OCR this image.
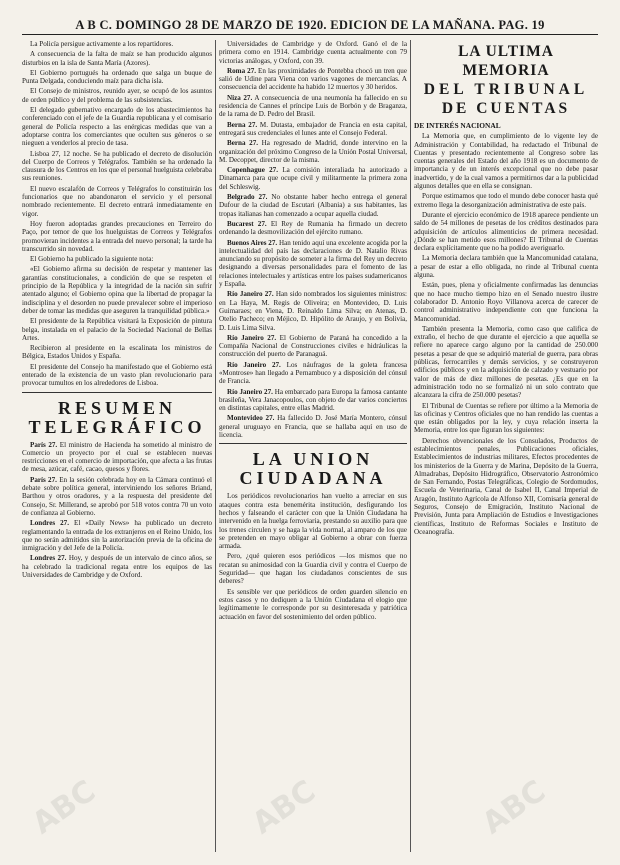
A B C. DOMINGO 28 DE MARZO DE 1920. EDICION DE LA MAÑANA. PAG. 19

La Policía persigue activamente a los repartidores.

A consecuencia de la falta de maíz se han producido algunos disturbios en la isla de Santa María (Azores).

El Gobierno portugués ha ordenado que salga un buque de Punta Delgada, conduciendo maíz para dicha isla.

El Consejo de ministros, reunido ayer, se ocupó de los asuntos de orden público y del problema de las subsistencias.

El delegado gubernativo encargado de los abastecimientos ha conferenciado con el jefe de la Guardia republicana y el comisario general de Policía respecto a las enérgicas medidas que van a adoptarse contra los comerciantes que oculten sus géneros o se nieguen a venderlos al precio de tasa.

Lisboa 27, 12 noche. Se ha publicado el decreto de disolución del Cuerpo de Correos y Telégrafos. También se ha ordenado la clausura de los Centros en los que el personal huelguista celebraba sus reuniones.

El nuevo escalafón de Correos y Telégrafos lo constituirán los funcionarios que no abandonaron el servicio y el personal nombrado recientemente. El decreto entrará inmediatamente en vigor.

Hoy fueron adoptadas grandes precauciones en Terreiro do Paço, por temor de que los huelguistas de Correos y Telégrafos promovieran incidentes a la entrada del nuevo personal; la tarde ha transcurrido sin novedad.

El Gobierno ha publicado la siguiente nota:

«El Gobierno afirma su decisión de respetar y mantener las garantías constitucionales, a condición de que se respeten el principio de la República y la integridad de la nación sin sufrir atentado alguno; el Gobierno opina que la libertad de propagar la indisciplina y el desorden no puede prevalecer sobre el imperioso deber de tomar las medidas que aseguren la tranquilidad pública.»

El presidente de la República visitará la Exposición de pintura belga, instalada en el palacio de la Sociedad Nacional de Bellas Artes.

Recibieron al presidente en la escalinata los ministros de Bélgica, Estados Unidos y España.

El presidente del Consejo ha manifestado que el Gobierno está enterado de la existencia de un vasto plan revolucionario para provocar tumultos en los alrededores de Lisboa.

RESUMEN
TELEGRÁFICO

París 27. El ministro de Hacienda ha sometido al ministro de Comercio un proyecto por el cual se establecen nuevas restricciones en el comercio de importación, que afecta a las frutas de mesa, azúcar, café, cacao, quesos y flores.

París 27. En la sesión celebrada hoy en la Cámara continuó el debate sobre política general, interviniendo los señores Briand, Barthou y otros oradores, y a la respuesta del presidente del Consejo, Sr. Millerand, se aprobó por 518 votos contra 70 un voto de confianza al Gobierno.

Londres 27. El «Daily News» ha publicado un decreto reglamentando la entrada de los extranjeros en el Reino Unido, los que no serán admitidos sin la autorización previa de la oficina de inmigración y del Jefe de la Policía.

Londres 27. Hoy, y después de un intervalo de cinco años, se ha celebrado la tradicional regata entre los equipos de las Universidades de Cambridge y de Oxford.

Universidades de Cambridge y de Oxford. Ganó el de la primera como en 1914. Cambridge cuenta actualmente con 79 victorias análogas, y Oxford, con 39.

Roma 27. En las proximidades de Pontebba chocó un tren que salió de Udine para Viena con varios vagones de mercancías. A consecuencia del accidente ha habido 12 muertos y 30 heridos.

Niza 27. A consecuencia de una neumonía ha fallecido en su residencia de Cannes el príncipe Luis de Borbón y de Braganza, de la rama de D. Pedro del Brasil.

Berna 27. M. Dutasta, embajador de Francia en esta capital, entregará sus credenciales el lunes ante el Consejo Federal.

Berna 27. Ha regresado de Madrid, donde intervino en la organización del próximo Congreso de la Unión Postal Universal, M. Decoppet, director de la misma.

Copenhague 27. La comisión interaliada ha autorizado a Dinamarca para que ocupe civil y militarmente la primera zona del Schleswig.

Belgrado 27. No obstante haber hecho entrega el general Dufour de la ciudad de Escutari (Albania) a sus habitantes, las tropas italianas han comenzado a ocupar aquella ciudad.

Bucarest 27. El Rey de Rumania ha firmado un decreto ordenando la desmovilización del ejército rumano.

Buenos Aires 27. Han tenido aquí una excelente acogida por la intelectualidad del país las declaraciones de D. Natalio Rivas anunciando su propósito de someter a la firma del Rey un decreto designando a diversas personalidades para el fomento de las relaciones intelectuales y artísticas entre los países sudamericanos y España.

Río Janeiro 27. Han sido nombrados los siguientes ministros: en La Haya, M. Regis de Oliveira; en Montevideo, D. Luis Guimaraes; en Viena, D. Reinaldo Lima Silva; en Atenas, D. Otelio Pacheco; en Méjico, D. Hipólito de Araujo, y en Bolivia, D. Luis Lima Silva.

Río Janeiro 27. El Gobierno de Paraná ha concedido a la Compañía Nacional de Construcciones civiles e hidráulicas la construcción del puerto de Paranaguá.

Río Janeiro 27. Los náufragos de la goleta francesa «Montrose» han llegado a Pernambuco y a disposición del cónsul de Francia.

Río Janeiro 27. Ha embarcado para Europa la famosa cantante brasileña, Vera Janacopoulos, con objeto de dar varios conciertos en distintas capitales, entre ellas Madrid.

Montevideo 27. Ha fallecido D. José María Montero, cónsul general uruguayo en Francia, que se hallaba aquí en uso de licencia.

LA UNION
CIUDADANA

Los periódicos revolucionarios han vuelto a arreciar en sus ataques contra esta benemérita institución, desfigurando los hechos y falseando el carácter con que la Unión Ciudadana ha intervenido en la huelga ferroviaria, prestando su auxilio para que los trenes circulen y se haga la vida normal, al amparo de los que se pretenden en mayo obligar al Gobierno a obrar con fuerza armada.

Pero, ¿qué quieren esos periódicos —los mismos que no recatan su animosidad con la Guardia civil y contra el Cuerpo de Seguridad— que hagan los ciudadanos conscientes de sus deberes?

Es sensible ver que periódicos de orden guarden silencio en estos casos y no dediquen a la Unión Ciudadana el elogio que legítimamente le corresponde por su desinteresada y patriótica actuación en favor del sostenimiento del orden público.

LA ULTIMA MEMORIA
DEL TRIBUNAL
DE CUENTAS
DE INTERÉS NACIONAL

La Memoria que, en cumplimiento de lo vigente ley de Administración y Contabilidad, ha redactado el Tribunal de Cuentas y presentado recientemente al Congreso sobre las cuentas generales del Estado del año 1918 es un documento de importancia y de un interés excepcional que no debe pasar inadvertido, y de la cual vamos a permitirnos dar a la publicidad algunos detalles que en ella se consignan.

Porque estimamos que todo el mundo debe conocer hasta qué extremo llega la desorganización administrativa de este país.

Durante el ejercicio económico de 1918 aparece pendiente un saldo de 54 millones de pesetas de los créditos destinados para adquisición de artículos alimenticios de primera necesidad. ¿Dónde se han metido esos millones? El Tribunal de Cuentas declara explícitamente que no ha podido averiguarlo.

La Memoria declara también que la Mancomunidad catalana, a pesar de estar a ello obligada, no rinde al Tribunal cuenta alguna.

Están, pues, plena y oficialmente confirmadas las denuncias que no hace mucho tiempo hizo en el Senado nuestro ilustre colaborador D. Antonio Royo Villanova acerca de carecer de control administrativo independiente con que funciona la Mancomunidad.

También presenta la Memoria, como caso que califica de extraño, el hecho de que durante el ejercicio a que aquella se refiere no aparece cargo alguno por la cantidad de 250.000 pesetas a pesar de que se adquirió material de guerra, para obras públicas, ferrocarriles y demás servicios, y se construyeron edificios públicos y en la adquisición de calzado y vestuario por valor de más de diez millones de pesetas. ¿Es que en la administración todo no se formalizó ni un solo contrato que alcanzara la cifra de 250.000 pesetas?

El Tribunal de Cuentas se refiere por último a la Memoria de las oficinas y Centros oficiales que no han rendido las cuentas a que están obligados por la ley, y cuya relación inserta la Memoria, entre los que figuran los siguientes:

Derechos obvencionales de los Consulados, Productos de establecimientos penales, Publicaciones oficiales, Establecimientos de industrias militares, Efectos procedentes de los ministerios de la Guerra y de Marina, Depósito de la Guerra, Almadrabas, Depósito Hidrográfico, Observatorio Astronómico de San Fernando, Postas Telegráficas, Colegio de Sordomudos, Escuela de Veterinaria, Canal de Isabel II, Canal Imperial de Aragón, Instituto Agrícola de Alfonso XII, Comisaría general de Seguros, Consejo de Emigración, Instituto Nacional de Previsión, Junta para Ampliación de Estudios e Investigaciones científicas, Instituto de Reformas Sociales e Instituto de Oceanografía.

ABC	ABC	ABC
